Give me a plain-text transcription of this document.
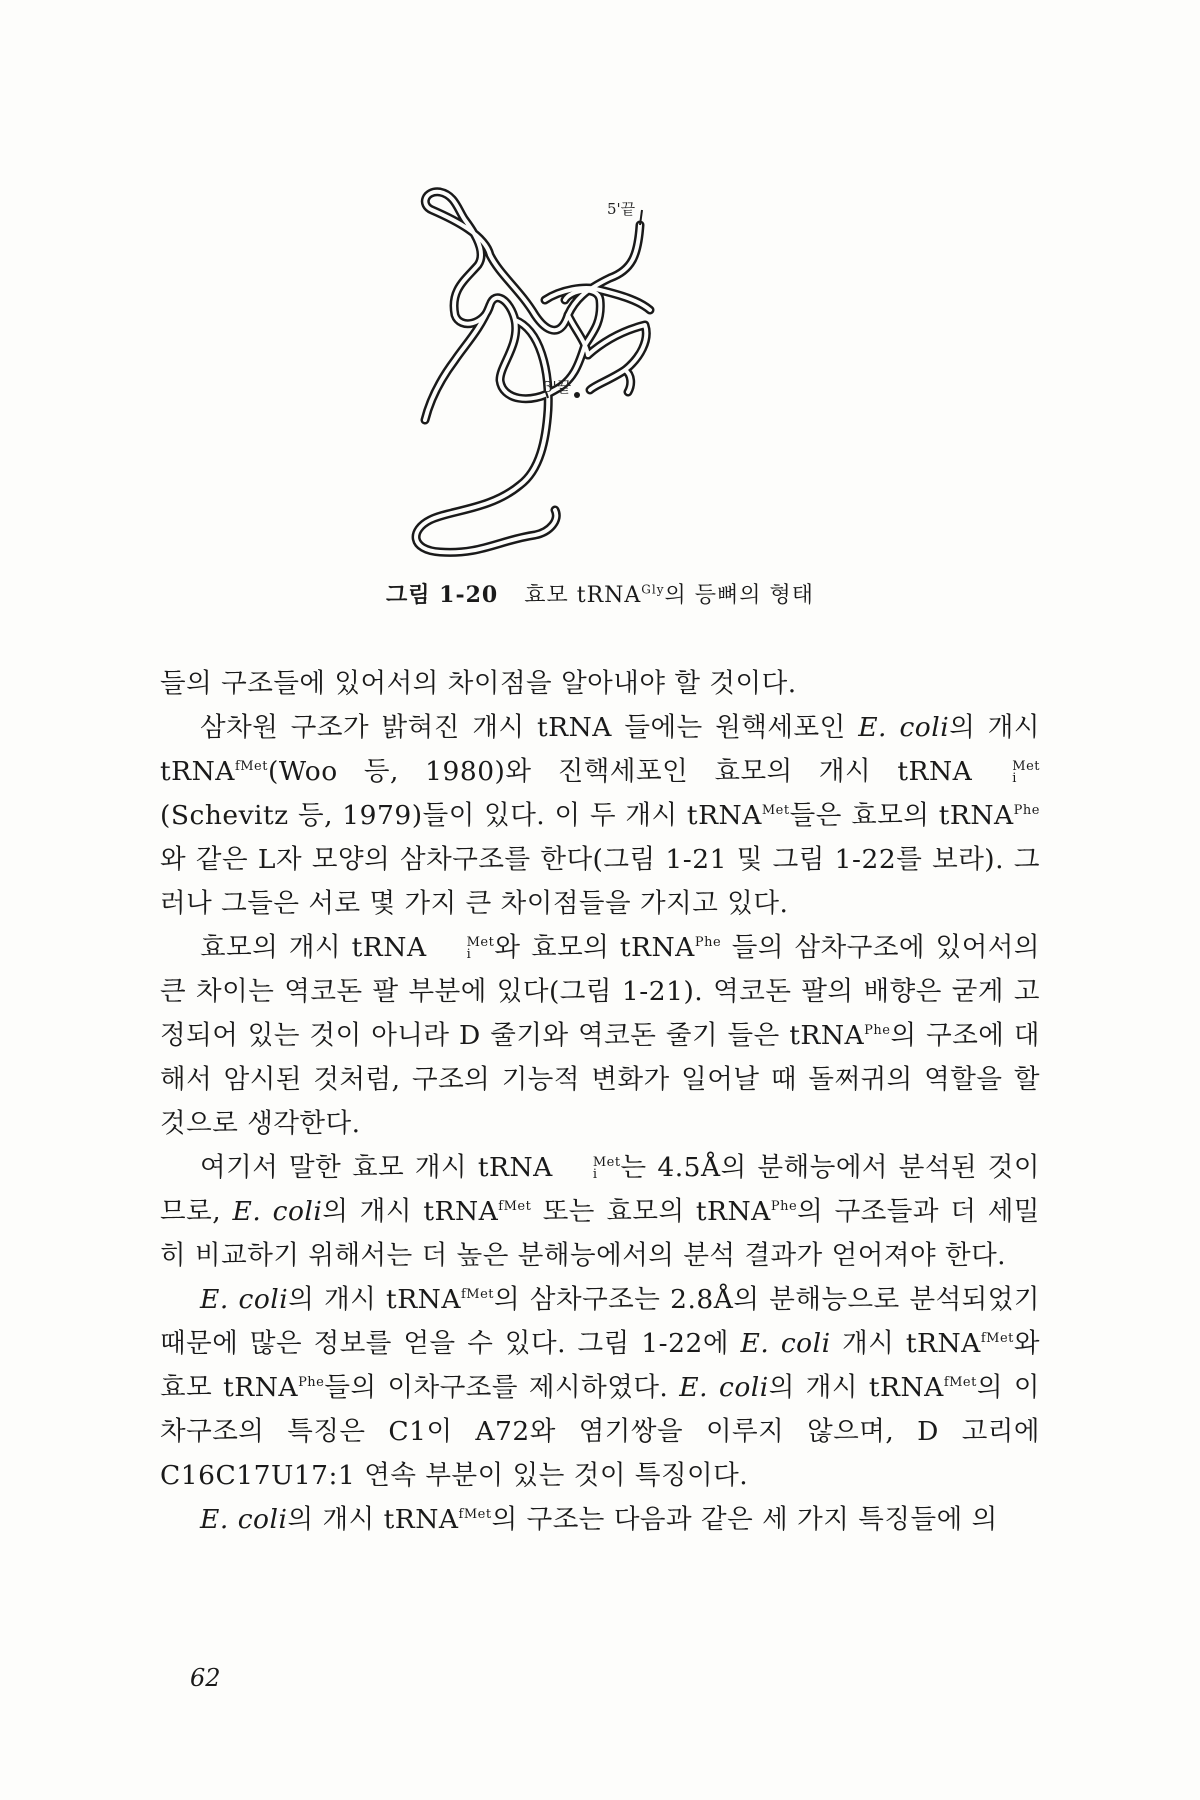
5'끝
3'끝
그림 1-20 효모 tRNA$^{Gly}$의 등뼈의 형태

들의 구조들에 있어서의 차이점을 알아내야 할 것이다.

삼차원 구조가 밝혀진 개시 tRNA 들에는 원핵세포인 E. coli의 개시 tRNA$^{fMet}$(Woo 등, 1980)와 진핵세포인 효모의 개시 tRNA	Met
i
(Schevitz 등, 1979)들이 있다. 이 두 개시 tRNA$^{Met}$들은 효모의 tRNA$^{Phe}$와 같은 L자 모양의 삼차구조를 한다(그림 1-21 및 그림 1-22를 보라). 그러나 그들은 서로 몇 가지 큰 차이점들을 가지고 있다.

효모의 개시 tRNA	Met
i 와 효모의 tRNA$^{Phe}$ 들의 삼차구조에 있어서의 큰 차이는 역코돈 팔 부분에 있다(그림 1-21). 역코돈 팔의 배향은 굳게 고정되어 있는 것이 아니라 D 줄기와 역코돈 줄기 들은 tRNA$^{Phe}$의 구조에 대해서 암시된 것처럼, 구조의 기능적 변화가 일어날 때 돌쩌귀의 역할을 할 것으로 생각한다.

여기서 말한 효모 개시 tRNA	Met
i 는 4.5Å의 분해능에서 분석된 것이므로, E. coli의 개시 tRNA$^{fMet}$ 또는 효모의 tRNA$^{Phe}$의 구조들과 더 세밀히 비교하기 위해서는 더 높은 분해능에서의 분석 결과가 얻어져야 한다.

E. coli의 개시 tRNA$^{fMet}$의 삼차구조는 2.8Å의 분해능으로 분석되었기 때문에 많은 정보를 얻을 수 있다. 그림 1-22에 E. coli 개시 tRNA$^{fMet}$와 효모 tRNA$^{Phe}$들의 이차구조를 제시하였다. E. coli의 개시 tRNA$^{fMet}$의 이차구조의 특징은 C1이 A72와 염기쌍을 이루지 않으며, D 고리에 C16C17U17:1 연속 부분이 있는 것이 특징이다.

E. coli의 개시 tRNA$^{fMet}$의 구조는 다음과 같은 세 가지 특징들에 의

62
